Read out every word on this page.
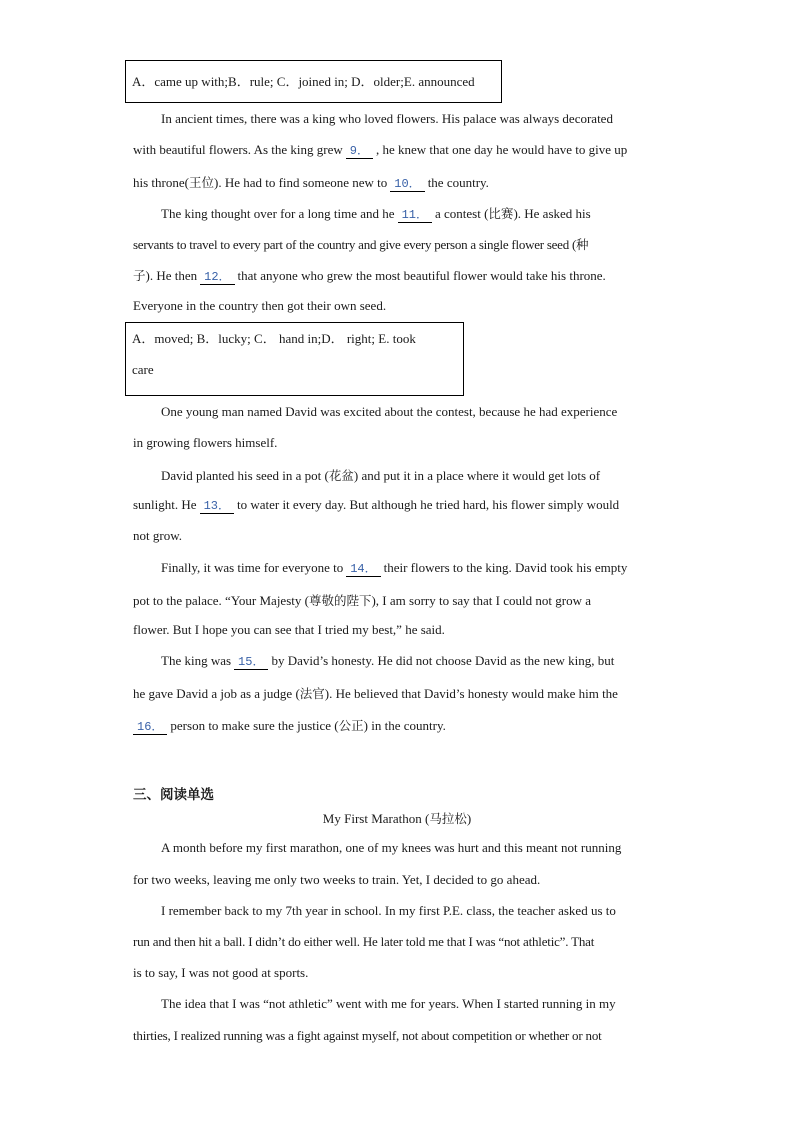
A．came up with;B．rule; C．joined in; D．older;E. announced
In ancient times, there was a king who loved flowers. His palace was always decorated
with beautiful flowers. As the king grew 9． , he knew that one day he would have to give up
his throne(王位). He had to find someone new to 10． the country.
The king thought over for a long time and he 11． a contest (比赛). He asked his
servants to travel to every part of the country and give every person a single flower seed (种
子). He then 12． that anyone who grew the most beautiful flower would take his throne.
Everyone in the country then got their own seed.
A．moved; B．lucky; C． hand in;D． right; E. took
care
One young man named David was excited about the contest, because he had experience
in growing flowers himself.
David planted his seed in a pot (花盆) and put it in a place where it would get lots of
sunlight. He 13． to water it every day. But although he tried hard, his flower simply would
not grow.
Finally, it was time for everyone to 14． their flowers to the king. David took his empty
pot to the palace. “Your Majesty (尊敬的陛下), I am sorry to say that I could not grow a
flower. But I hope you can see that I tried my best,” he said.
The king was 15． by David’s honesty. He did not choose David as the new king, but
he gave David a job as a judge (法官). He believed that David’s honesty would make him the
16． person to make sure the justice (公正) in the country.
三、阅读单选
My First Marathon (马拉松)
A month before my first marathon, one of my knees was hurt and this meant not running
for two weeks, leaving me only two weeks to train. Yet, I decided to go ahead.
I remember back to my 7th year in school. In my first P.E. class, the teacher asked us to
run and then hit a ball. I didn’t do either well. He later told me that I was “not athletic”. That
is to say, I was not good at sports.
The idea that I was “not athletic” went with me for years. When I started running in my
thirties, I realized running was a fight against myself, not about competition or whether or not
